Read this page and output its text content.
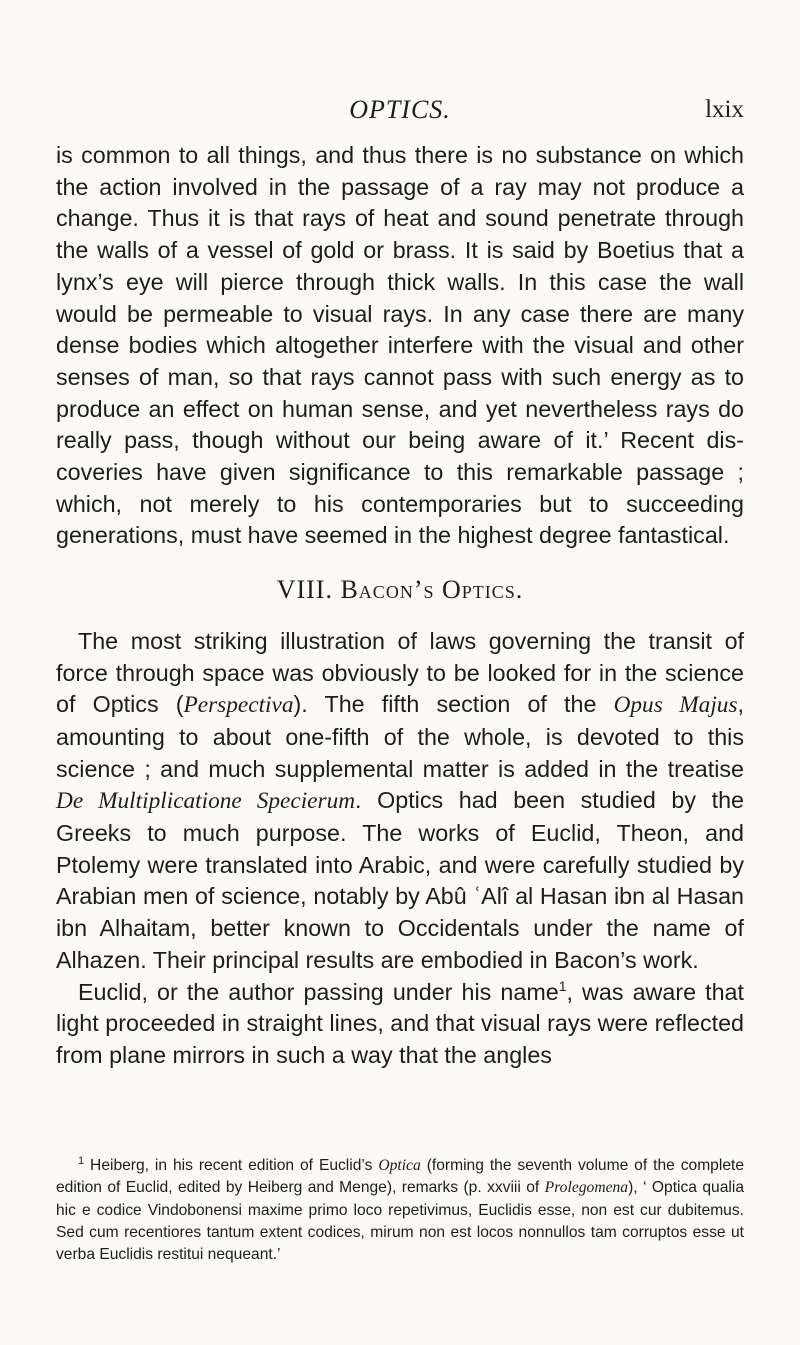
OPTICS.	lxix

is common to all things, and thus there is no substance on which the action involved in the passage of a ray may not produce a change. Thus it is that rays of heat and sound penetrate through the walls of a vessel of gold or brass. It is said by Boetius that a lynx’s eye will pierce through thick walls. In this case the wall would be permeable to visual rays. In any case there are many dense bodies which altogether interfere with the visual and other senses of man, so that rays cannot pass with such energy as to produce an effect on human sense, and yet nevertheless rays do really pass, though without our being aware of it.’ Recent discoveries have given significance to this remarkable passage ; which, not merely to his contemporaries but to succeeding generations, must have seemed in the highest degree fantastical.

VIII. Bacon’s Optics.

The most striking illustration of laws governing the transit of force through space was obviously to be looked for in the science of Optics (Perspectiva). The fifth section of the Opus Majus, amounting to about one-fifth of the whole, is devoted to this science ; and much supplemental matter is added in the treatise De Multiplicatione Specierum. Optics had been studied by the Greeks to much purpose. The works of Euclid, Theon, and Ptolemy were translated into Arabic, and were carefully studied by Arabian men of science, notably by Abû ʿAlî al Hasan ibn al Hasan ibn Alhaitam, better known to Occidentals under the name of Alhazen. Their principal results are embodied in Bacon’s work.

Euclid, or the author passing under his name$^1$, was aware that light proceeded in straight lines, and that visual rays were reflected from plane mirrors in such a way that the angles

$^1$ Heiberg, in his recent edition of Euclid’s Optica (forming the seventh volume of the complete edition of Euclid, edited by Heiberg and Menge), remarks (p. xxviii of Prolegomena), ‘ Optica qualia hic e codice Vindobonensi maxime primo loco repetivimus, Euclidis esse, non est cur dubitemus. Sed cum recentiores tantum extent codices, mirum non est locos nonnullos tam corruptos esse ut verba Euclidis restitui nequeant.’
